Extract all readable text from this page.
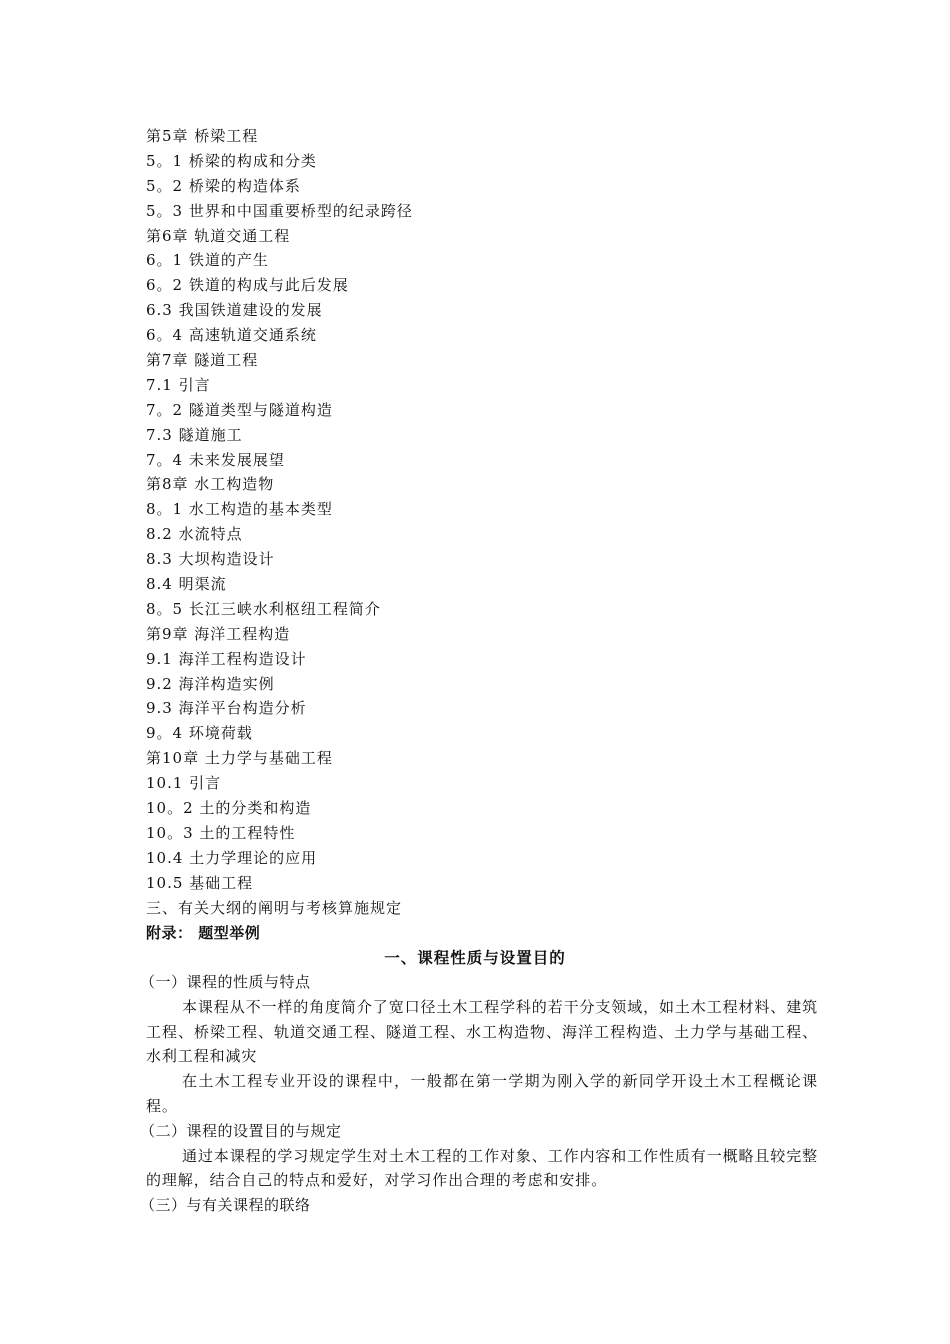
第5章 桥梁工程
5。1 桥梁的构成和分类
5。2 桥梁的构造体系
5。3 世界和中国重要桥型的纪录跨径
第6章 轨道交通工程
6。1 铁道的产生
6。2 铁道的构成与此后发展
6.3 我国铁道建设的发展
6。4 高速轨道交通系统
第7章 隧道工程
7.1 引言
7。2 隧道类型与隧道构造
7.3 隧道施工
7。4 未来发展展望
第8章 水工构造物
8。1 水工构造的基本类型
8.2 水流特点
8.3 大坝构造设计
8.4 明渠流
8。5 长江三峡水利枢纽工程简介
第9章 海洋工程构造
9.1 海洋工程构造设计
9.2 海洋构造实例
9.3 海洋平台构造分析
9。4 环境荷载
第10章 土力学与基础工程
10.1 引言
10。2 土的分类和构造
10。3 土的工程特性
10.4 土力学理论的应用
10.5 基础工程
三、有关大纲的阐明与考核算施规定
附录： 题型举例
一、课程性质与设置目的
（一）课程的性质与特点

本课程从不一样的角度简介了宽口径土木工程学科的若干分支领域，如土木工程材料、建筑工程、桥梁工程、轨道交通工程、隧道工程、水工构造物、海洋工程构造、土力学与基础工程、水利工程和减灾

在土木工程专业开设的课程中，一般都在第一学期为刚入学的新同学开设土木工程概论课程。

（二）课程的设置目的与规定

通过本课程的学习规定学生对土木工程的工作对象、工作内容和工作性质有一概略且较完整的理解，结合自己的特点和爱好，对学习作出合理的考虑和安排。

（三）与有关课程的联络
